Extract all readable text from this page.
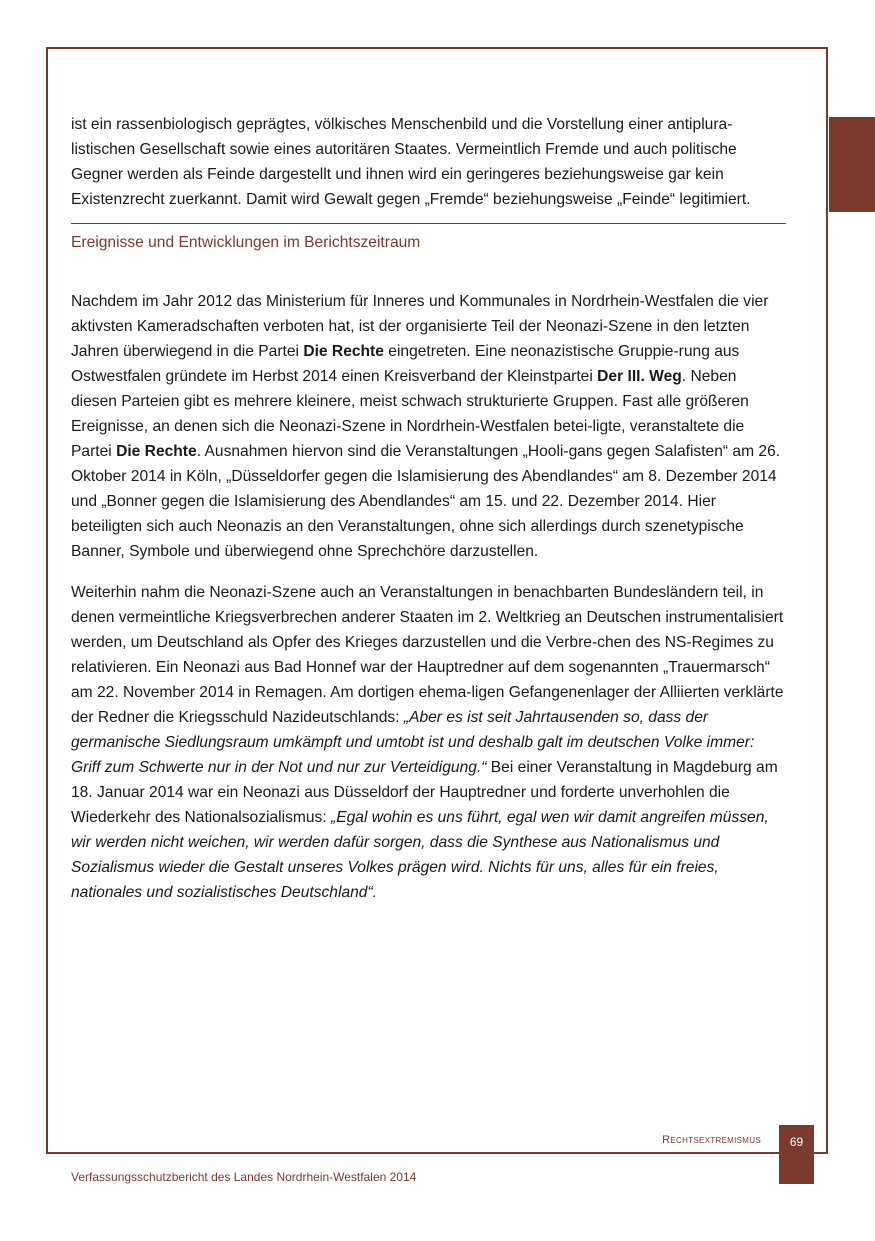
ist ein rassenbiologisch geprägtes, völkisches Menschenbild und die Vorstellung einer antiplura-listischen Gesellschaft sowie eines autoritären Staates. Vermeintlich Fremde und auch politische Gegner werden als Feinde dargestellt und ihnen wird ein geringeres beziehungsweise gar kein Existenzrecht zuerkannt. Damit wird Gewalt gegen „Fremde“ beziehungsweise „Feinde“ legitimiert.

Ereignisse und Entwicklungen im Berichtszeitraum

Nachdem im Jahr 2012 das Ministerium für Inneres und Kommunales in Nordrhein-Westfalen die vier aktivsten Kameradschaften verboten hat, ist der organisierte Teil der Neonazi-Szene in den letzten Jahren überwiegend in die Partei Die Rechte eingetreten. Eine neonazistische Gruppie-rung aus Ostwestfalen gründete im Herbst 2014 einen Kreisverband der Kleinstpartei Der III. Weg. Neben diesen Parteien gibt es mehrere kleinere, meist schwach strukturierte Gruppen. Fast alle größeren Ereignisse, an denen sich die Neonazi-Szene in Nordrhein-Westfalen betei-ligte, veranstaltete die Partei Die Rechte. Ausnahmen hiervon sind die Veranstaltungen „Hooli-gans gegen Salafisten“ am 26. Oktober 2014 in Köln, „Düsseldorfer gegen die Islamisierung des Abendlandes“ am 8. Dezember 2014 und „Bonner gegen die Islamisierung des Abendlandes“ am 15. und 22. Dezember 2014. Hier beteiligten sich auch Neonazis an den Veranstaltungen, ohne sich allerdings durch szenetypische Banner, Symbole und überwiegend ohne Sprechchöre darzustellen.

Weiterhin nahm die Neonazi-Szene auch an Veranstaltungen in benachbarten Bundesländern teil, in denen vermeintliche Kriegsverbrechen anderer Staaten im 2. Weltkrieg an Deutschen instrumentalisiert werden, um Deutschland als Opfer des Krieges darzustellen und die Verbre-chen des NS-Regimes zu relativieren. Ein Neonazi aus Bad Honnef war der Hauptredner auf dem sogenannten „Trauermarsch“ am 22. November 2014 in Remagen. Am dortigen ehema-ligen Gefangenenlager der Alliierten verklärte der Redner die Kriegsschuld Nazideutschlands: „Aber es ist seit Jahrtausenden so, dass der germanische Siedlungsraum umkämpft und umtobt ist und deshalb galt im deutschen Volke immer: Griff zum Schwerte nur in der Not und nur zur Verteidigung.“ Bei einer Veranstaltung in Magdeburg am 18. Januar 2014 war ein Neonazi aus Düsseldorf der Hauptredner und forderte unverhohlen die Wiederkehr des Nationalsozialismus: „Egal wohin es uns führt, egal wen wir damit angreifen müssen, wir werden nicht weichen, wir werden dafür sorgen, dass die Synthese aus Nationalismus und Sozialismus wieder die Gestalt unseres Volkes prägen wird. Nichts für uns, alles für ein freies, nationales und sozialistisches Deutschland“.

Rechtsextremismus	69
Verfassungsschutzbericht des Landes Nordrhein-Westfalen 2014
